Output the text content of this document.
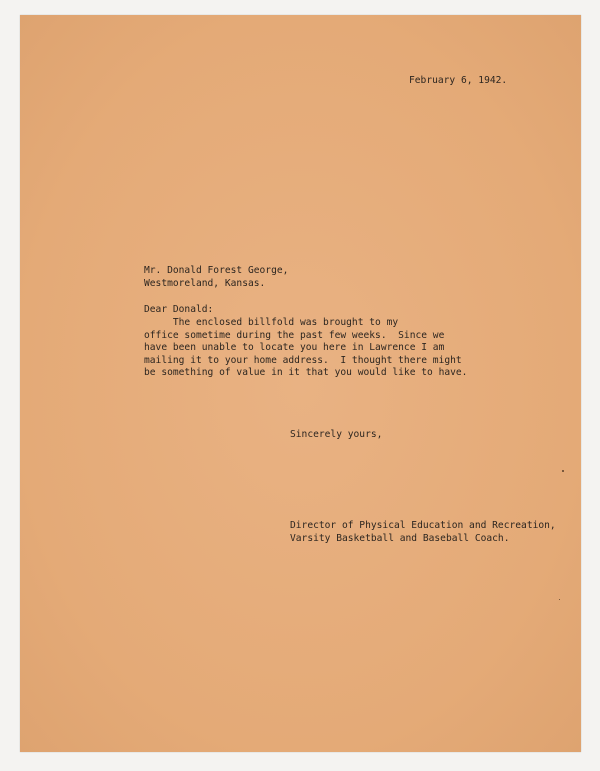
February 6, 1942.
Mr. Donald Forest George,
Westmoreland, Kansas.
Dear Donald:
The enclosed billfold was brought to my
office sometime during the past few weeks.  Since we
have been unable to locate you here in Lawrence I am
mailing it to your home address.  I thought there might
be something of value in it that you would like to have.
Sincerely yours,
Director of Physical Education and Recreation,
Varsity Basketball and Baseball Coach.
